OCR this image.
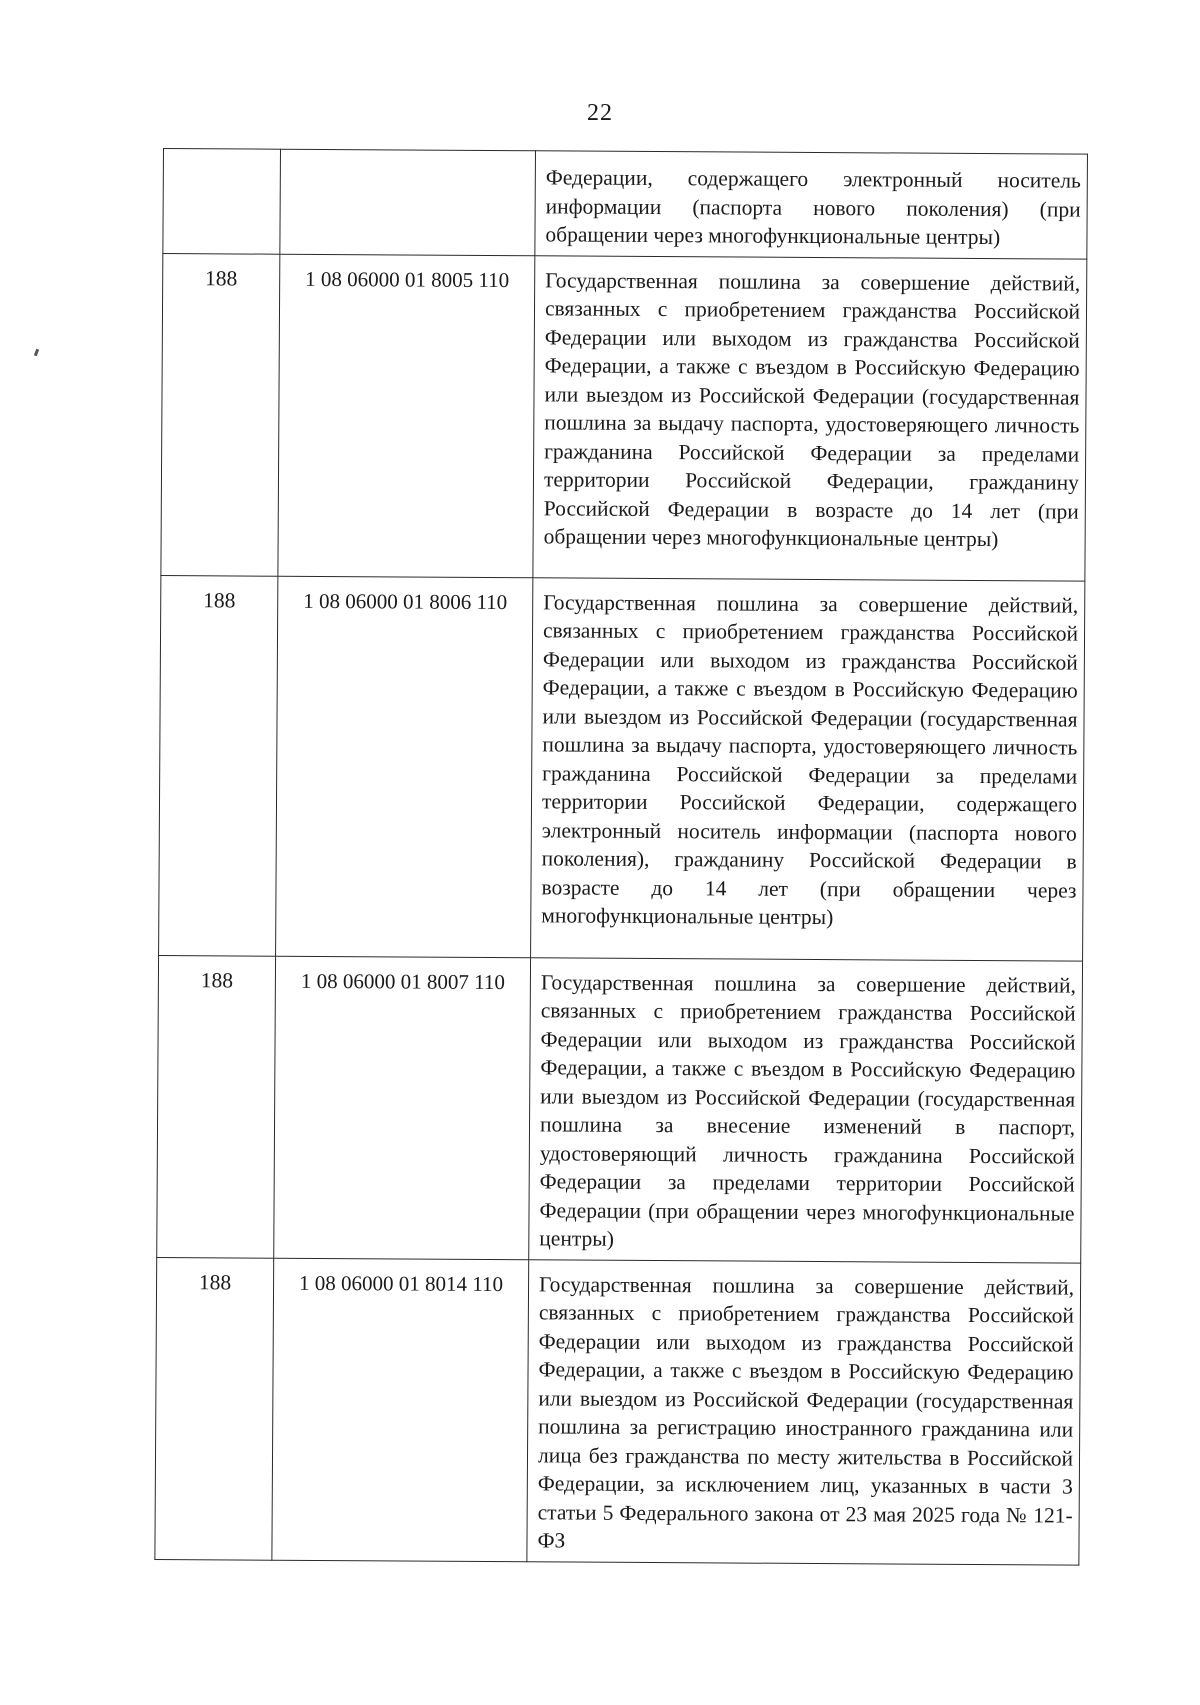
22
		Федерации, содержащего электронный носитель информации (паспорта нового поколения) (при обращении через многофункциональные центры)
188	1 08 06000 01 8005 110	Государственная пошлина за совершение действий, связанных с приобретением гражданства Российской Федерации или выходом из гражданства Российской Федерации, а также с въездом в Российскую Федерацию или выездом из Российской Федерации (государственная пошлина за выдачу паспорта, удостоверяющего личность гражданина Российской Федерации за пределами территории Российской Федерации, гражданину Российской Федерации в возрасте до 14 лет (при обращении через многофункциональные центры)
188	1 08 06000 01 8006 110	Государственная пошлина за совершение действий, связанных с приобретением гражданства Российской Федерации или выходом из гражданства Российской Федерации, а также с въездом в Российскую Федерацию или выездом из Российской Федерации (государственная пошлина за выдачу паспорта, удостоверяющего личность гражданина Российской Федерации за пределами территории Российской Федерации, содержащего электронный носитель информации (паспорта нового поколения), гражданину Российской Федерации в возрасте до 14 лет (при обращении через многофункциональные центры)
188	1 08 06000 01 8007 110	Государственная пошлина за совершение действий, связанных с приобретением гражданства Российской Федерации или выходом из гражданства Российской Федерации, а также с въездом в Российскую Федерацию или выездом из Российской Федерации (государственная пошлина за внесение изменений в паспорт, удостоверяющий личность гражданина Российской Федерации за пределами территории Российской Федерации (при обращении через многофункциональные центры)
188	1 08 06000 01 8014 110	Государственная пошлина за совершение действий, связанных с приобретением гражданства Российской Федерации или выходом из гражданства Российской Федерации, а также с въездом в Российскую Федерацию или выездом из Российской Федерации (государственная пошлина за регистрацию иностранного гражданина или лица без гражданства по месту жительства в Российской Федерации, за исключением лиц, указанных в части 3 статьи 5 Федерального закона от 23 мая 2025 года № 121-ФЗ
